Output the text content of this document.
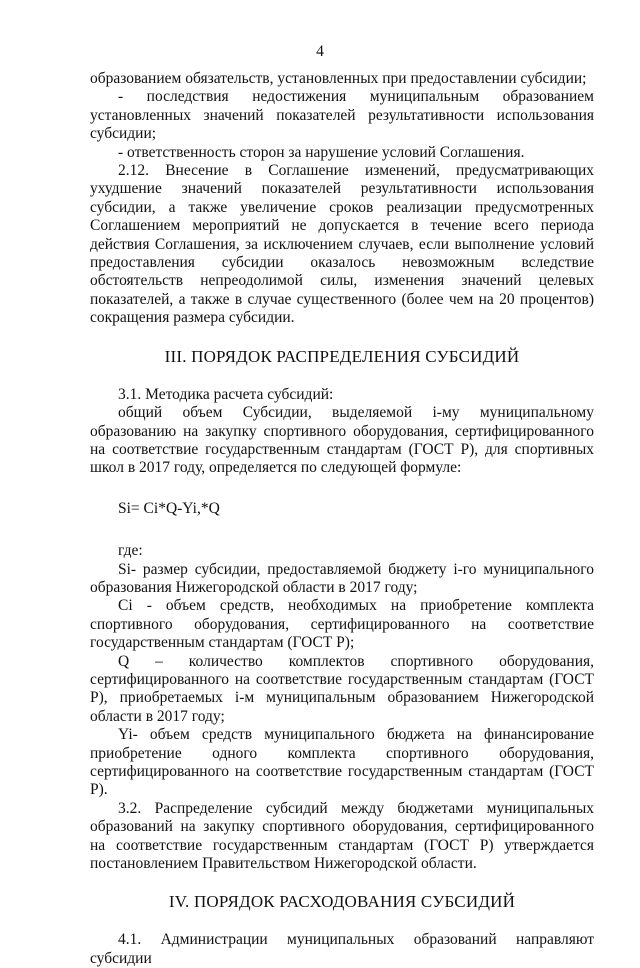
4

образованием обязательств, установленных при предоставлении субсидии;

- последствия недостижения муниципальным образованием установленных значений показателей результативности использования субсидии;

- ответственность сторон за нарушение условий Соглашения.

2.12. Внесение в Соглашение изменений, предусматривающих ухудшение значений показателей результативности использования субсидии, а также увеличение сроков реализации предусмотренных Соглашением мероприятий не допускается в течение всего периода действия Соглашения, за исключением случаев, если выполнение условий предоставления субсидии оказалось невозможным вследствие обстоятельств непреодолимой силы, изменения значений целевых показателей, а также в случае существенного (более чем на 20 процентов) сокращения размера субсидии.

III. ПОРЯДОК РАСПРЕДЕЛЕНИЯ СУБСИДИЙ

3.1. Методика расчета субсидий:

общий объем Субсидии, выделяемой i-му муниципальному образованию на закупку спортивного оборудования, сертифицированного на соответствие государственным стандартам (ГОСТ Р), для спортивных школ в 2017 году, определяется по следующей формуле:

Si= Ci*Q-Yi,*Q

где:

Si- размер субсидии, предоставляемой бюджету i-го муниципального образования Нижегородской области в 2017 году;

Ci - объем средств, необходимых на приобретение комплекта спортивного оборудования, сертифицированного на соответствие государственным стандартам (ГОСТ Р);

Q – количество комплектов спортивного оборудования, сертифицированного на соответствие государственным стандартам (ГОСТ Р), приобретаемых i-м муниципальным образованием Нижегородской области в 2017 году;

Yi- объем средств муниципального бюджета на финансирование приобретение одного комплекта спортивного оборудования, сертифицированного на соответствие государственным стандартам (ГОСТ Р).

3.2. Распределение субсидий между бюджетами муниципальных образований на закупку спортивного оборудования, сертифицированного на соответствие государственным стандартам (ГОСТ Р) утверждается постановлением Правительством Нижегородской области.

IV. ПОРЯДОК РАСХОДОВАНИЯ СУБСИДИЙ

4.1. Администрации муниципальных образований направляют субсидии
